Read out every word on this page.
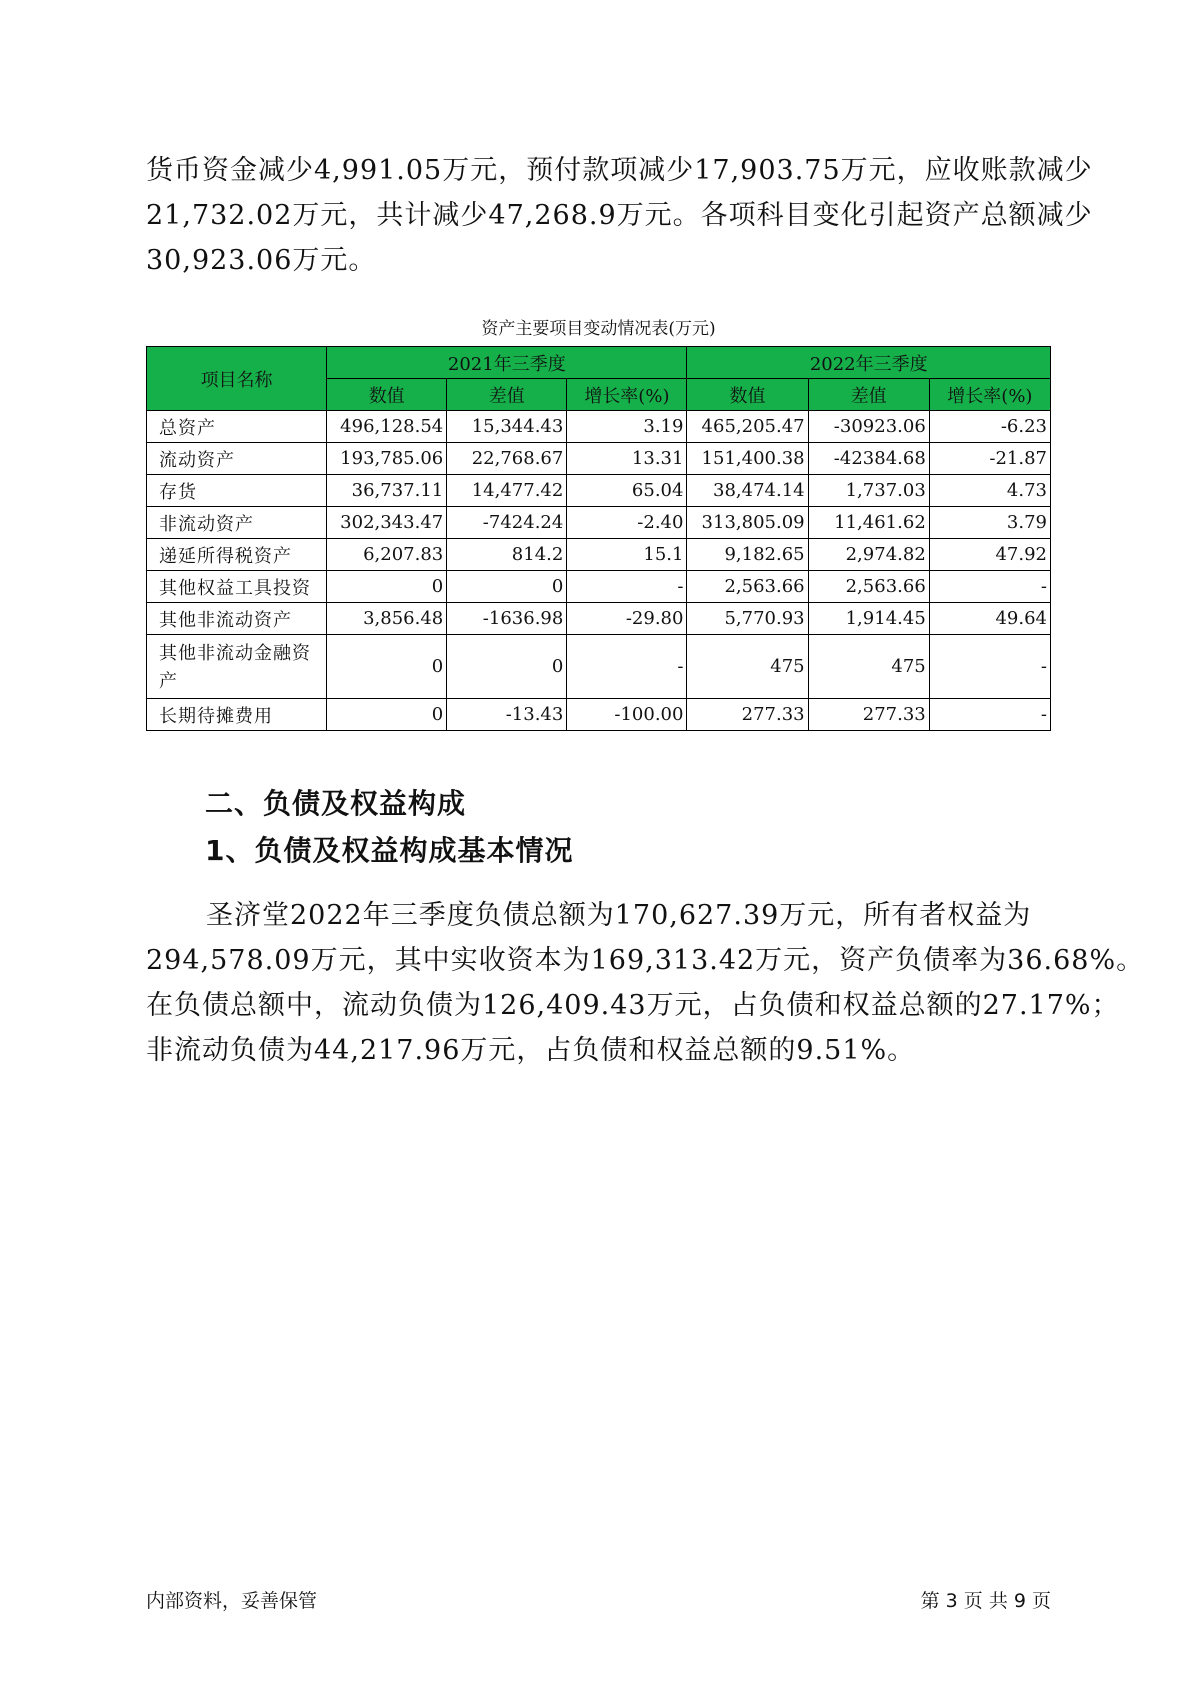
货币资金减少4,991.05万元，预付款项减少17,903.75万元，应收账款减少
21,732.02万元，共计减少47,268.9万元。各项科目变化引起资产总额减少
30,923.06万元。
资产主要项目变动情况表(万元)
项目名称	2021年三季度			2022年三季度		
	数值	差值	增长率(%)	数值	差值	增长率(%)
总资产	496,128.54	15,344.43	3.19	465,205.47	-30923.06	-6.23
流动资产	193,785.06	22,768.67	13.31	151,400.38	-42384.68	-21.87
存货	36,737.11	14,477.42	65.04	38,474.14	1,737.03	4.73
非流动资产	302,343.47	-7424.24	-2.40	313,805.09	11,461.62	3.79
递延所得税资产	6,207.83	814.2	15.1	9,182.65	2,974.82	47.92
其他权益工具投资	0	0	-	2,563.66	2,563.66	-
其他非流动资产	3,856.48	-1636.98	-29.80	5,770.93	1,914.45	49.64
其他非流动金融资产	0	0	-	475	475	-
长期待摊费用	0	-13.43	-100.00	277.33	277.33	-
二、负债及权益构成
1、负债及权益构成基本情况
圣济堂2022年三季度负债总额为170,627.39万元，所有者权益为
294,578.09万元，其中实收资本为169,313.42万元，资产负债率为36.68%。
在负债总额中，流动负债为126,409.43万元，占负债和权益总额的27.17%；
非流动负债为44,217.96万元，占负债和权益总额的9.51%。
内部资料，妥善保管	第 3 页 共 9 页
